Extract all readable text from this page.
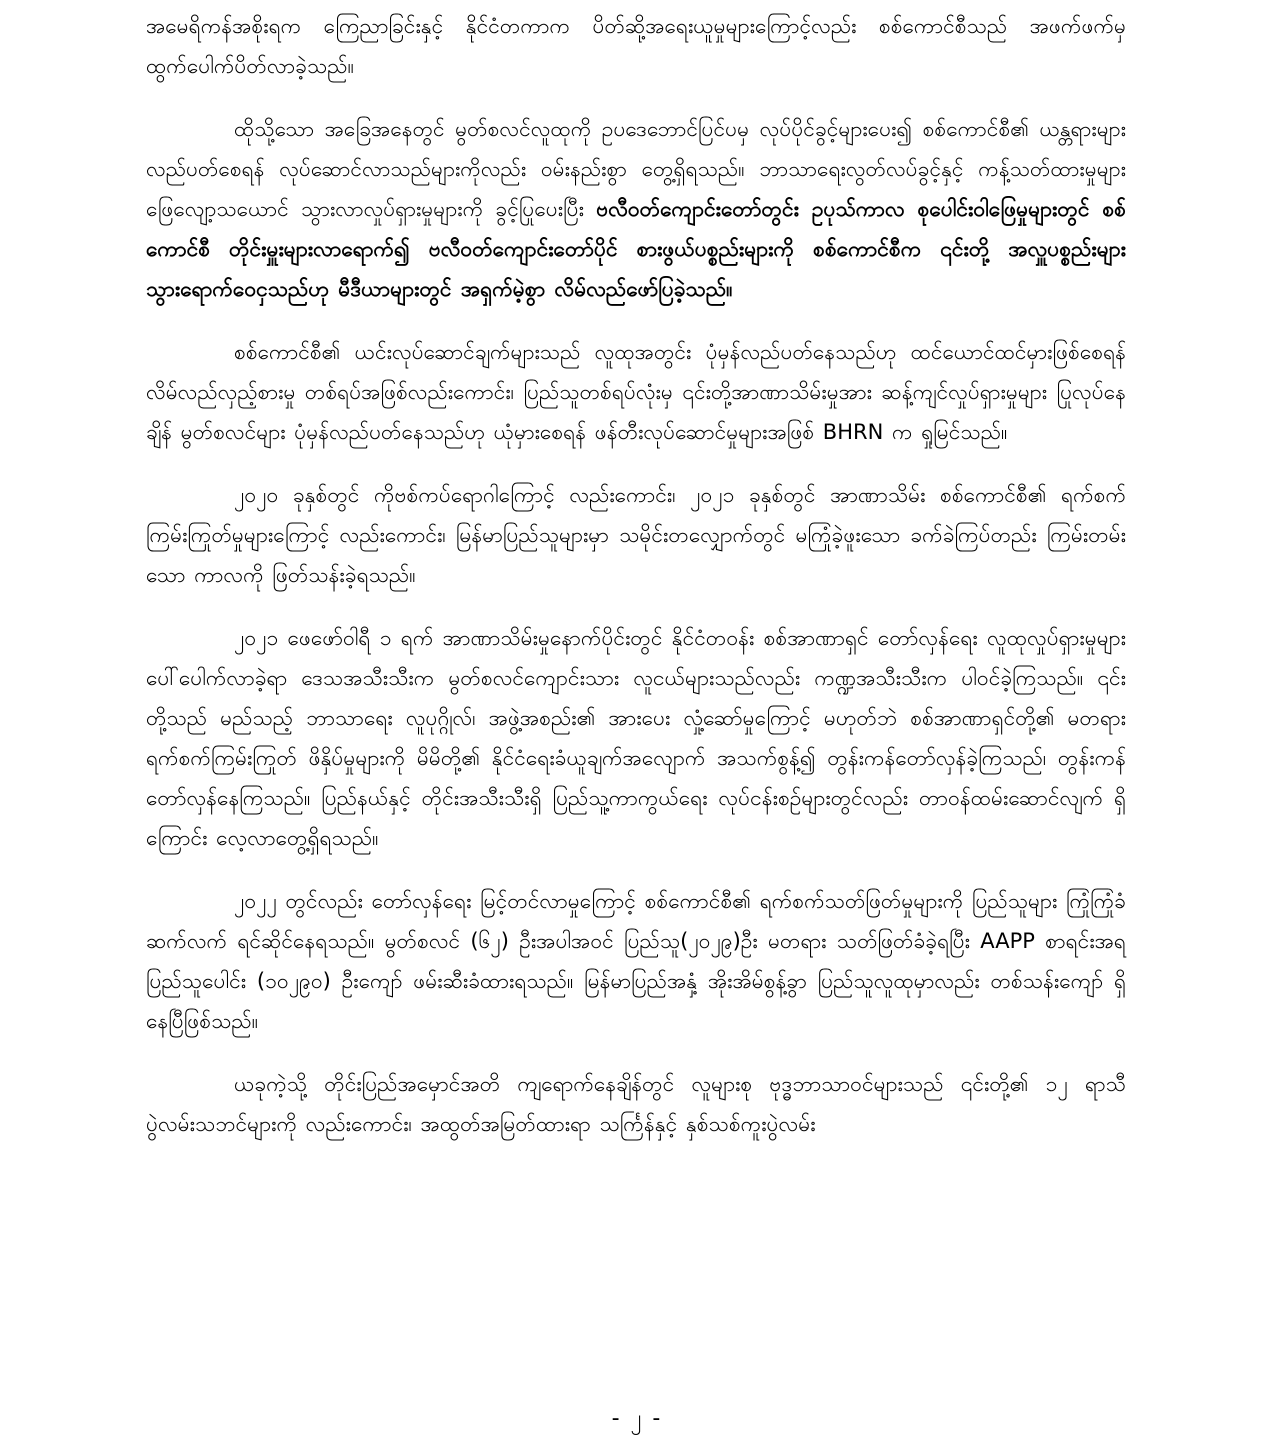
အမေရိကန်အစိုးရက ကြေညာခြင်းနှင့် နိုင်ငံတကာက ပိတ်ဆို့အရေးယူမှုများကြောင့်လည်း စစ်ကောင်စီသည် အဖက်ဖက်မှ ထွက်ပေါက်ပိတ်လာခဲ့သည်။

ထိုသို့သော အခြေအနေတွင် မွတ်စလင်လူထုကို ဥပဒေဘောင်ပြင်ပမှ လုပ်ပိုင်ခွင့်များပေး၍ စစ်ကောင်စီ၏ ယန္တရားများ လည်ပတ်စေရန် လုပ်ဆောင်လာသည်များကိုလည်း ဝမ်းနည်းစွာ တွေ့ရှိရသည်။ ဘာသာရေးလွတ်လပ်ခွင့်နှင့် ကန့်သတ်ထားမှုများ ဖြေလျော့သယောင် သွားလာလှုပ်ရှားမှုများကို ခွင့်ပြုပေးပြီး ဗလီဝတ်ကျောင်းတော်တွင်း ဥပုသ်ကာလ စုပေါင်းဝါဖြေမှုများတွင် စစ်ကောင်စီ တိုင်းမှူးများလာရောက်၍ ဗလီဝတ်ကျောင်းတော်ပိုင် စားဖွယ်ပစ္စည်းများကို စစ်ကောင်စီက ၎င်းတို့ အလှူပစ္စည်းများ သွားရောက်ဝေငှသည်ဟု မီဒီယာများတွင် အရှက်မဲ့စွာ လိမ်လည်ဖော်ပြခဲ့သည်။

စစ်ကောင်စီ၏ ယင်းလုပ်ဆောင်ချက်များသည် လူထုအတွင်း ပုံမှန်လည်ပတ်နေသည်ဟု ထင်ယောင်ထင်မှားဖြစ်စေရန် လိမ်လည်လှည့်စားမှု တစ်ရပ်အဖြစ်လည်းကောင်း၊ ပြည်သူတစ်ရပ်လုံးမှ ၎င်းတို့အာဏာသိမ်းမှုအား ဆန့်ကျင်လှုပ်ရှားမှုများ ပြုလုပ်နေချိန် မွတ်စလင်များ ပုံမှန်လည်ပတ်နေသည်ဟု ယုံမှားစေရန် ဖန်တီးလုပ်ဆောင်မှုများအဖြစ် BHRN က ရှုမြင်သည်။

၂၀၂၀ ခုနှစ်တွင် ကိုဗစ်ကပ်ရောဂါကြောင့် လည်းကောင်း၊ ၂၀၂၁ ခုနှစ်တွင် အာဏာသိမ်း စစ်ကောင်စီ၏ ရက်စက်ကြမ်းကြုတ်မှုများကြောင့် လည်းကောင်း၊ မြန်မာပြည်သူများမှာ သမိုင်းတလျှောက်တွင် မကြုံခဲ့ဖူးသော ခက်ခဲကြပ်တည်း ကြမ်းတမ်းသော ကာလကို ဖြတ်သန်းခဲ့ရသည်။

၂၀၂၁ ဖေဖော်ဝါရီ ၁ ရက် အာဏာသိမ်းမှုနောက်ပိုင်းတွင် နိုင်ငံတဝန်း စစ်အာဏာရှင် တော်လှန်ရေး လူထုလှုပ်ရှားမှုများ ပေါ်ပေါက်လာခဲ့ရာ ဒေသအသီးသီးက မွတ်စလင်ကျောင်းသား လူငယ်များသည်လည်း ကဏ္ဍအသီးသီးက ပါဝင်ခဲ့ကြသည်။ ၎င်းတို့သည် မည်သည့် ဘာသာရေး လူပုဂ္ဂိုလ်၊ အဖွဲ့အစည်း၏ အားပေး လှုံ့ဆော်မှုကြောင့် မဟုတ်ဘဲ စစ်အာဏာရှင်တို့၏ မတရား ရက်စက်ကြမ်းကြုတ် ဖိနှိပ်မှုများကို မိမိတို့၏ နိုင်ငံရေးခံယူချက်အလျောက် အသက်စွန့်၍ တွန်းကန်တော်လှန်ခဲ့ကြသည်၊ တွန်းကန်တော်လှန်နေကြသည်။ ပြည်နယ်နှင့် တိုင်းအသီးသီးရှိ ပြည်သူ့ကာကွယ်ရေး လုပ်ငန်းစဉ်များတွင်လည်း တာဝန်ထမ်းဆောင်လျက် ရှိကြောင်း လေ့လာတွေ့ရှိရသည်။

၂၀၂၂ တွင်လည်း တော်လှန်ရေး မြင့်တင်လာမှုကြောင့် စစ်ကောင်စီ၏ ရက်စက်သတ်ဖြတ်မှုများကို ပြည်သူများ ကြုံကြုံခံဆက်လက် ရင်ဆိုင်နေရသည်။ မွတ်စလင် (၆၂) ဦးအပါအဝင် ပြည်သူ(၂၀၂၉)ဦး မတရား သတ်ဖြတ်ခံခဲ့ရပြီး AAPP စာရင်းအရ ပြည်သူပေါင်း (၁၀၂၉၀) ဦးကျော် ဖမ်းဆီးခံထားရသည်။ မြန်မာပြည်အနှံ့ အိုးအိမ်စွန့်ခွာ ပြည်သူလူထုမှာလည်း တစ်သန်းကျော် ရှိနေပြီဖြစ်သည်။

ယခုကဲ့သို့ တိုင်းပြည်အမှောင်အတိ ကျရောက်နေချိန်တွင် လူများစု ဗုဒ္ဓဘာသာဝင်များသည် ၎င်းတို့၏ ၁၂ ရာသီ ပွဲလမ်းသဘင်များကို လည်းကောင်း၊ အထွတ်အမြတ်ထားရာ သင်္ကြန်နှင့် နှစ်သစ်ကူးပွဲလမ်း

- ၂ -
